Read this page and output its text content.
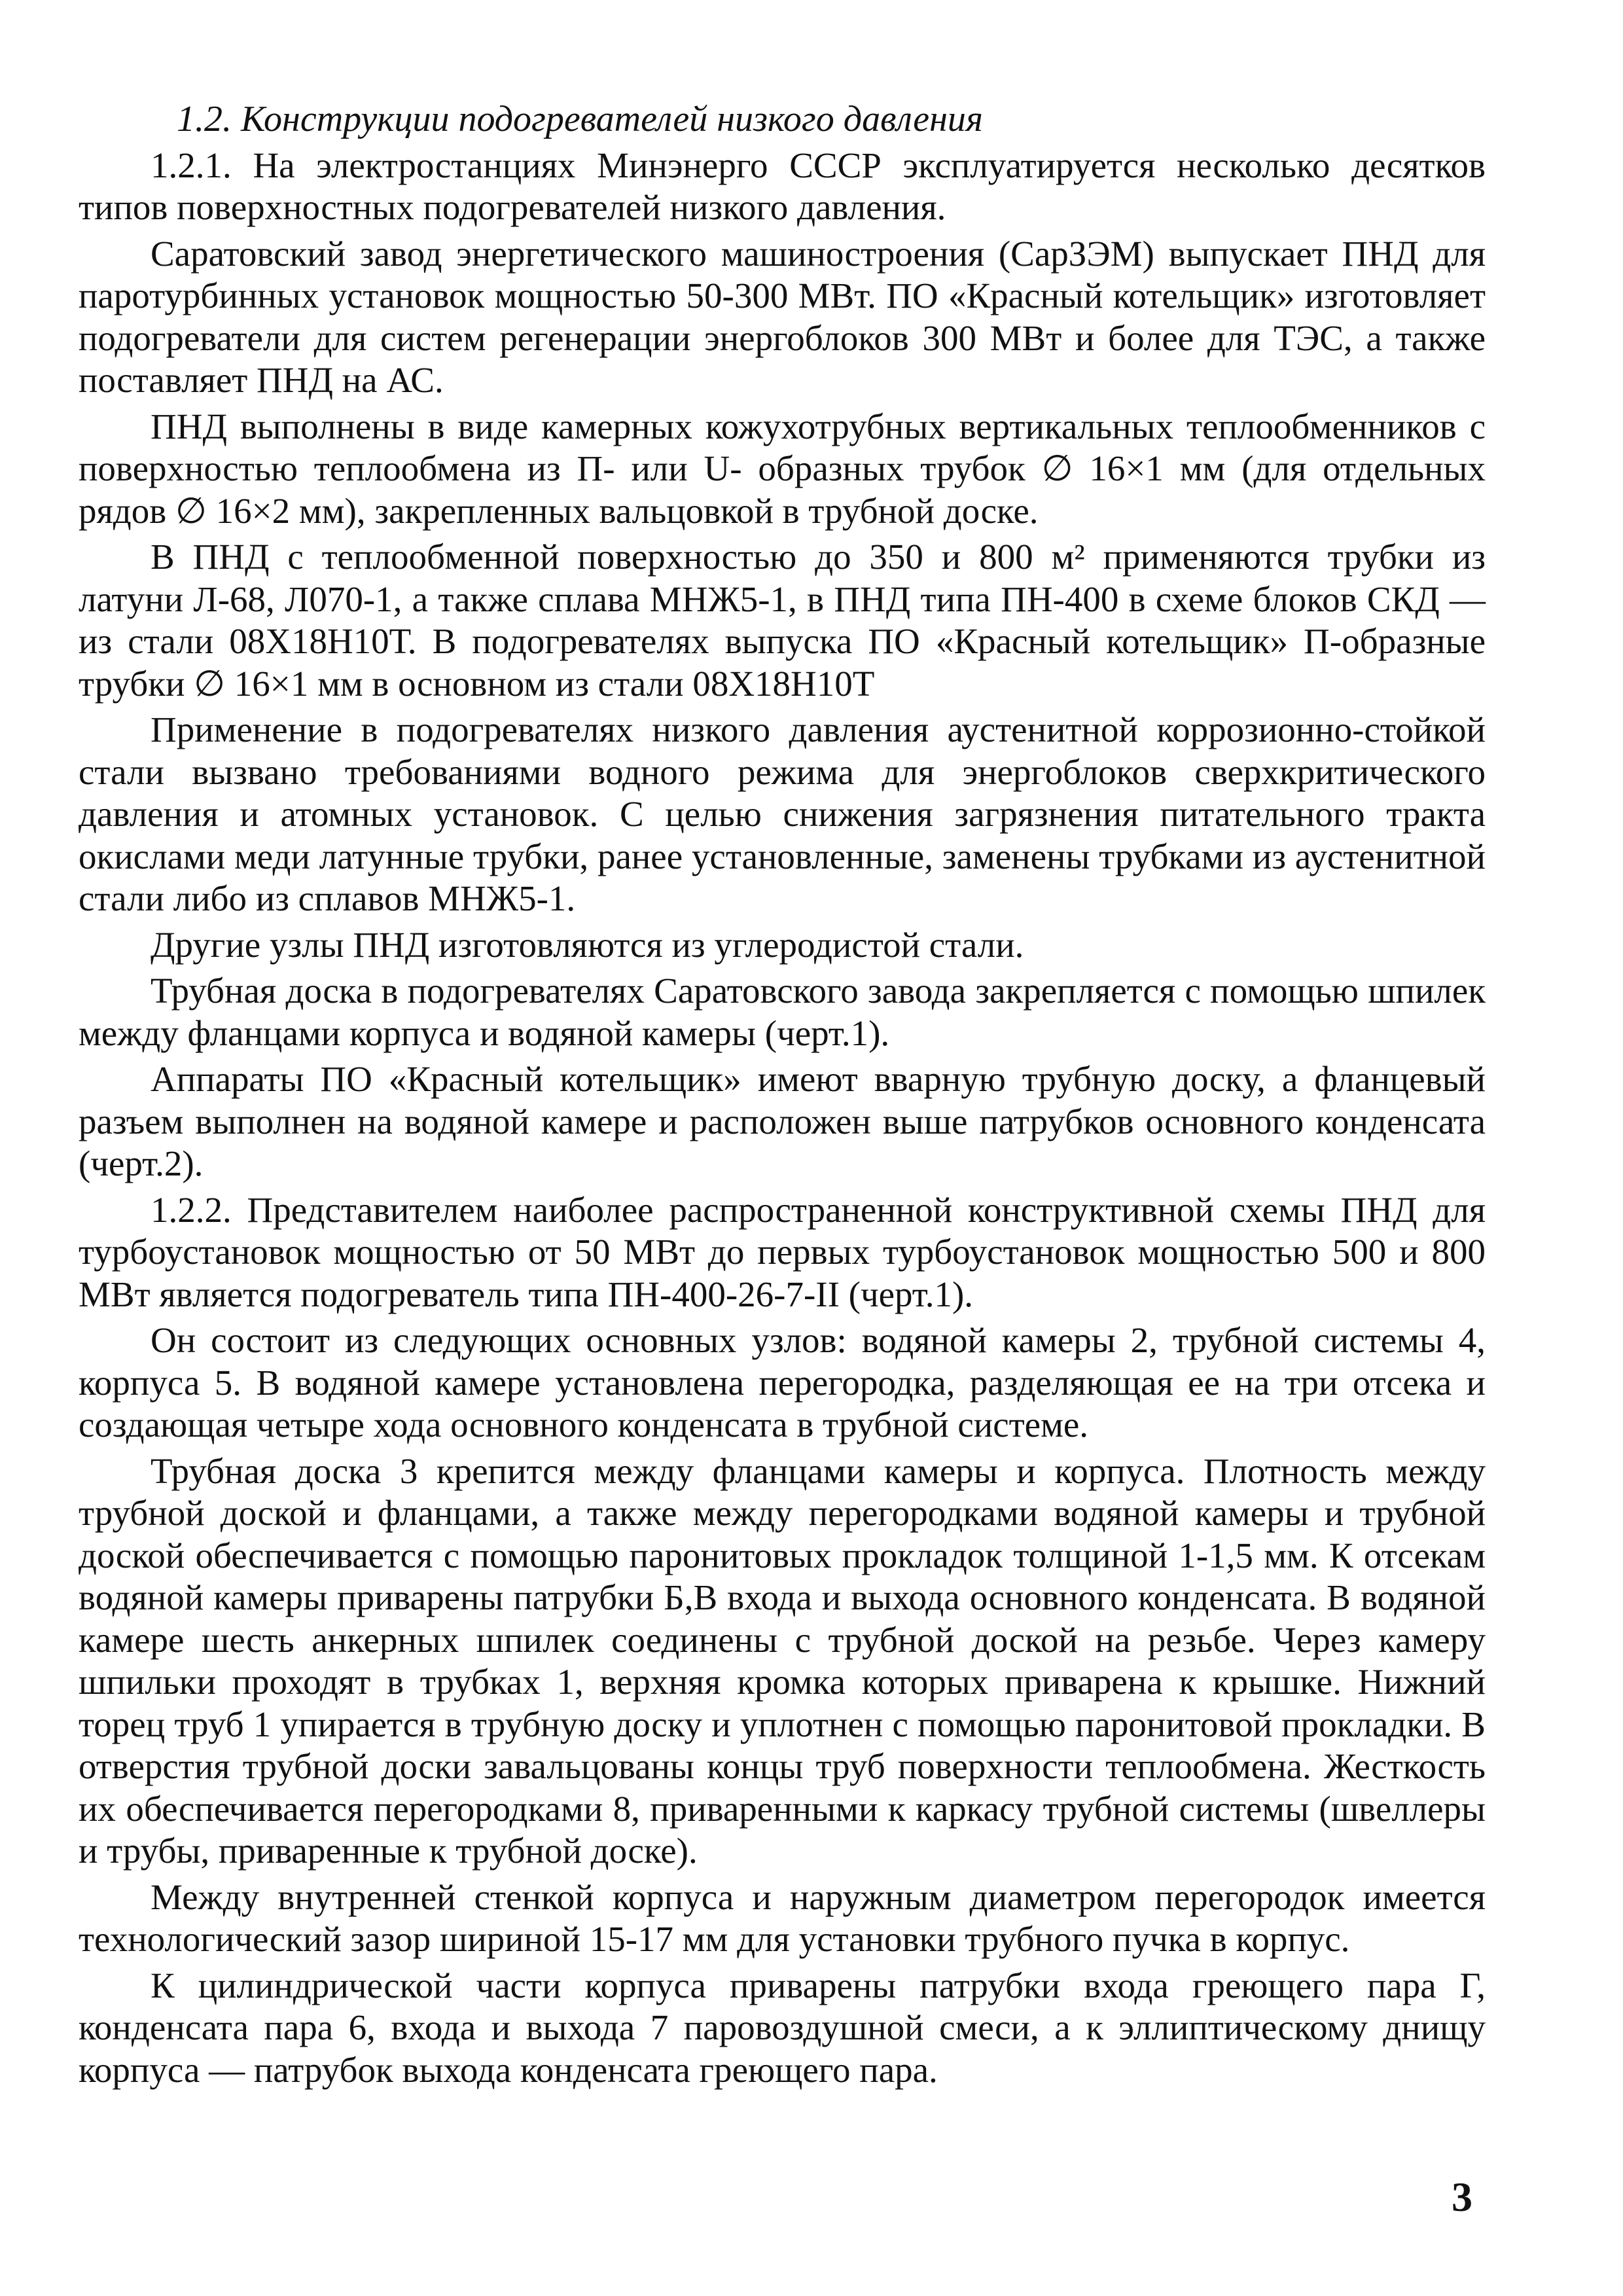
1.2. Конструкции подогревателей низкого давления

1.2.1. На электростанциях Минэнерго СССР эксплуатируется несколько десятков типов поверхностных подогревателей низкого давления.

Саратовский завод энергетического машиностроения (СарЗЭМ) выпускает ПНД для паротурбинных установок мощностью 50-300 МВт. ПО «Красный котельщик» изготовляет подогреватели для систем регенерации энергоблоков 300 МВт и более для ТЭС, а также поставляет ПНД на АС.

ПНД выполнены в виде камерных кожухотрубных вертикальных теплообменников с поверхностью теплообмена из П- или U- образных трубок ∅ 16×1 мм (для отдельных рядов ∅ 16×2 мм), закрепленных вальцовкой в трубной доске.

В ПНД с теплообменной поверхностью до 350 и 800 м² применяются трубки из латуни Л-68, Л070-1, а также сплава МНЖ5-1, в ПНД типа ПН-400 в схеме блоков СКД — из стали 08Х18Н10Т. В подогревателях выпуска ПО «Красный котельщик» П-образные трубки ∅ 16×1 мм в основном из стали 08Х18Н10Т

Применение в подогревателях низкого давления аустенитной коррозионно-стойкой стали вызвано требованиями водного режима для энергоблоков сверхкритического давления и атомных установок. С целью снижения загрязнения питательного тракта окислами меди латунные трубки, ранее установленные, заменены трубками из аустенитной стали либо из сплавов МНЖ5-1.

Другие узлы ПНД изготовляются из углеродистой стали.

Трубная доска в подогревателях Саратовского завода закрепляется с помощью шпилек между фланцами корпуса и водяной камеры (черт.1).

Аппараты ПО «Красный котельщик» имеют вварную трубную доску, а фланцевый разъем выполнен на водяной камере и расположен выше патрубков основного конденсата (черт.2).

1.2.2. Представителем наиболее распространенной конструктивной схемы ПНД для турбоустановок мощностью от 50 МВт до первых турбоустановок мощностью 500 и 800 МВт является подогреватель типа ПН-400-26-7-II (черт.1).

Он состоит из следующих основных узлов: водяной камеры 2, трубной системы 4, корпуса 5. В водяной камере установлена перегородка, разделяющая ее на три отсека и создающая четыре хода основного конденсата в трубной системе.

Трубная доска 3 крепится между фланцами камеры и корпуса. Плотность между трубной доской и фланцами, а также между перегородками водяной камеры и трубной доской обеспечивается с помощью паронитовых прокладок толщиной 1-1,5 мм. К отсекам водяной камеры приварены патрубки Б,В входа и выхода основного конденсата. В водяной камере шесть анкерных шпилек соединены с трубной доской на резьбе. Через камеру шпильки проходят в трубках 1, верхняя кромка которых приварена к крышке. Нижний торец труб 1 упирается в трубную доску и уплотнен с помощью паронитовой прокладки. В отверстия трубной доски завальцованы концы труб поверхности теплообмена. Жесткость их обеспечивается перегородками 8, приваренными к каркасу трубной системы (швеллеры и трубы, приваренные к трубной доске).

Между внутренней стенкой корпуса и наружным диаметром перегородок имеется технологический зазор шириной 15-17 мм для установки трубного пучка в корпус.

К цилиндрической части корпуса приварены патрубки входа греющего пара Г, конденсата пара 6, входа и выхода 7 паровоздушной смеси, а к эллиптическому днищу корпуса — патрубок выхода конденсата греющего пара.

3
